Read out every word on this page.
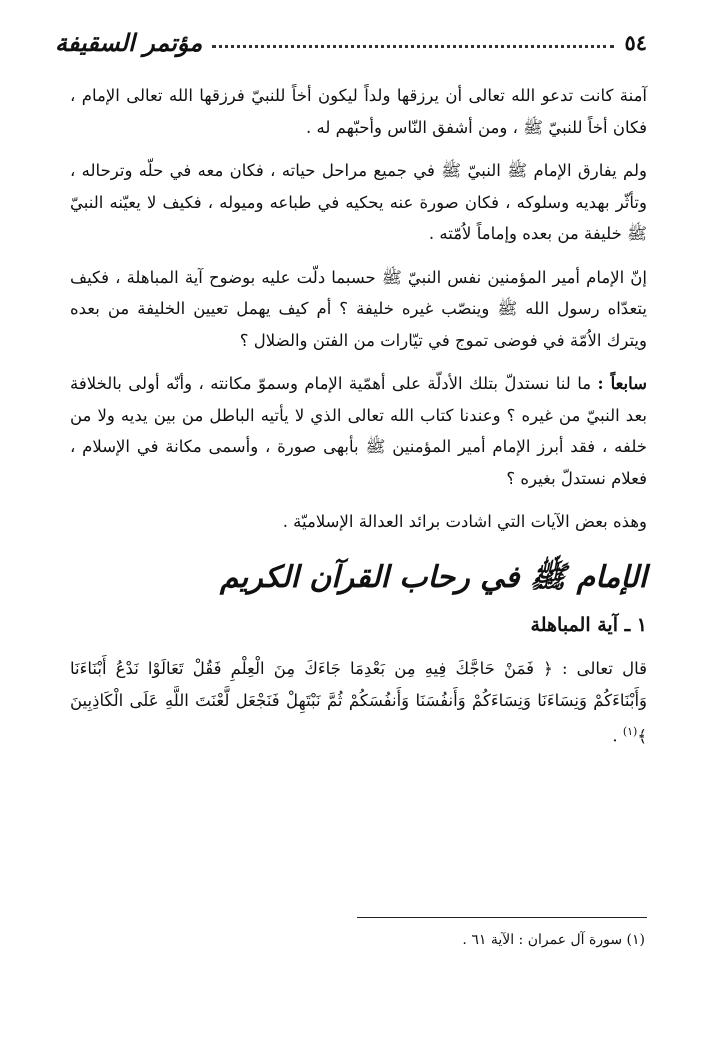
٥٤
مؤتمر السقيفة

آمنة كانت تدعو الله تعالى أن يرزقها ولداً ليكون أخاً للنبيّ فرزقها الله تعالى الإمام ، فكان أخاً للنبيّ ﷺ ، ومن أشفق النّاس وأحبّهم له .

ولم يفارق الإمام ﷺ النبيّ ﷺ في جميع مراحل حياته ، فكان معه في حلّه وترحاله ، وتأثّر بهديه وسلوكه ، فكان صورة عنه يحكيه في طباعه وميوله ، فكيف لا يعيّنه النبيّ ﷺ خليفة من بعده وإماماً لاُمّته .

إنّ الإمام أمير المؤمنين نفس النبيّ ﷺ حسبما دلّت عليه بوضوح آية المباهلة ، فكيف يتعدّاه رسول الله ﷺ وينصّب غيره خليفة ؟ أم كيف يهمل تعيين الخليفة من بعده ويترك الاُمّة في فوضى تموج في تيّارات من الفتن والضلال ؟

سابعاً : ما لنا نستدلّ بتلك الأدلّة على أهمّية الإمام وسموّ مكانته ، وأنّه أولى بالخلافة بعد النبيّ من غيره ؟ وعندنا كتاب الله تعالى الذي لا يأتيه الباطل من بين يديه ولا من خلفه ، فقد أبرز الإمام أمير المؤمنين ﷺ بأبهى صورة ، وأسمى مكانة في الإسلام ، فعلام نستدلّ بغيره ؟

وهذه بعض الآيات التي اشادت برائد العدالة الإسلاميّة .

الإمام ﷺ في رحاب القرآن الكريم
١ ـ آية المباهلة

قال تعالى : ﴿ فَمَنْ حَاجَّكَ فِيهِ مِن بَعْدِمَا جَاءَكَ مِنَ الْعِلْمِ فَقُلْ تَعَالَوْا نَدْعُ أَبْنَاءَنَا وَأَبْنَاءَكُمْ وَنِسَاءَنَا وَنِسَاءَكُمْ وَأَنفُسَنَا وَأَنفُسَكُمْ ثُمَّ نَبْتَهِلْ فَنَجْعَل لَّعْنَتَ اللَّهِ عَلَى الْكَاذِبِينَ ﴾$^{(١)}$ .

(١) سورة آل عمران : الآية ٦١ .
